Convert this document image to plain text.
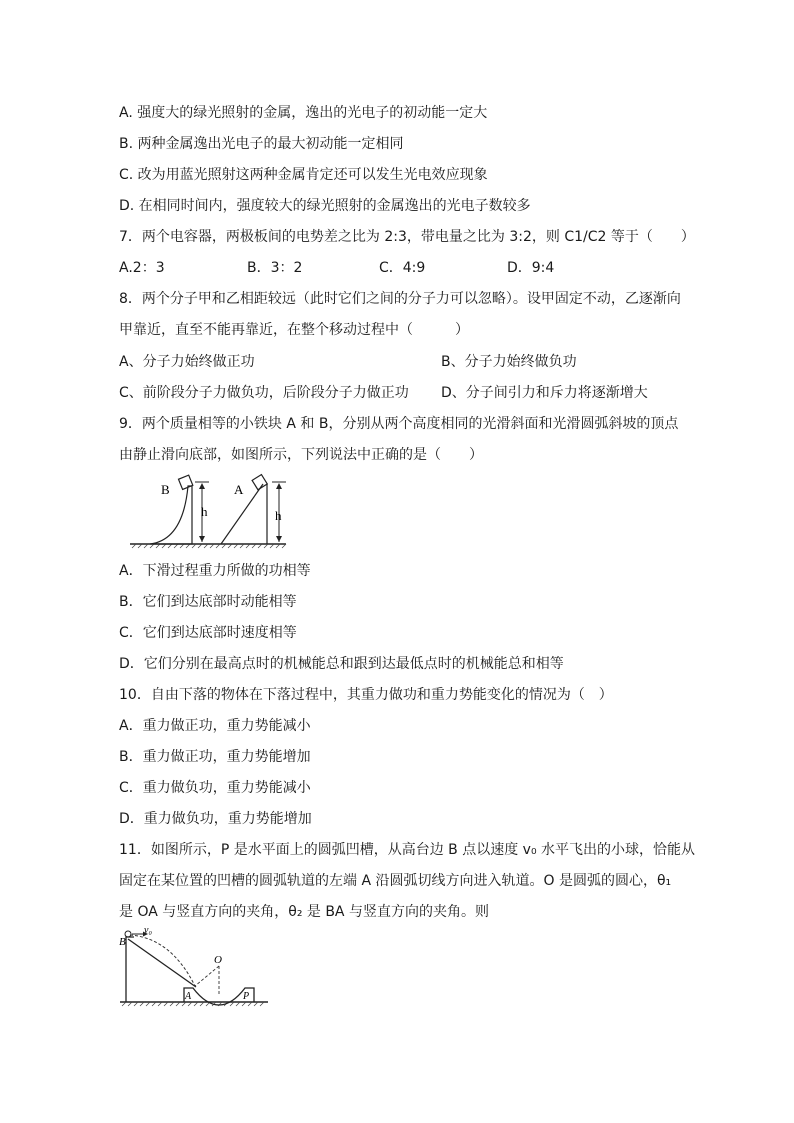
A. 强度大的绿光照射的金属，逸出的光电子的初动能一定大
B. 两种金属逸出光电子的最大初动能一定相同
C. 改为用蓝光照射这两种金属肯定还可以发生光电效应现象
D. 在相同时间内，强度较大的绿光照射的金属逸出的光电子数较多
7．两个电容器，两极板间的电势差之比为 2:3，带电量之比为 3:2，则 C1/C2 等于（　　）
A.2：3	B．3：2	C．4:9	D．9:4
8．两个分子甲和乙相距较远（此时它们之间的分子力可以忽略）。设甲固定不动，乙逐渐向
甲靠近，直至不能再靠近，在整个移动过程中（　　　）
A、分子力始终做正功	B、分子力始终做负功
C、前阶段分子力做负功，后阶段分子力做正功 D、分子间引力和斥力将逐渐增大
9．两个质量相等的小铁块 A 和 B，分别从两个高度相同的光滑斜面和光滑圆弧斜坡的顶点
由静止滑向底部，如图所示，下列说法中正确的是（　　）
B
h
A
h
A．下滑过程重力所做的功相等
B．它们到达底部时动能相等
C．它们到达底部时速度相等
D．它们分别在最高点时的机械能总和跟到达最低点时的机械能总和相等
10．自由下落的物体在下落过程中，其重力做功和重力势能变化的情况为（　）
A．重力做正功，重力势能减小
B．重力做正功，重力势能增加
C．重力做负功，重力势能减小
D．重力做负功，重力势能增加
11．如图所示，P 是水平面上的圆弧凹槽，从高台边 B 点以速度 v₀ 水平飞出的小球，恰能从
固定在某位置的凹槽的圆弧轨道的左端 A 沿圆弧切线方向进入轨道。O 是圆弧的圆心，θ₁
是 OA 与竖直方向的夹角，θ₂ 是 BA 与竖直方向的夹角。则
B
v₀
A	P
O
